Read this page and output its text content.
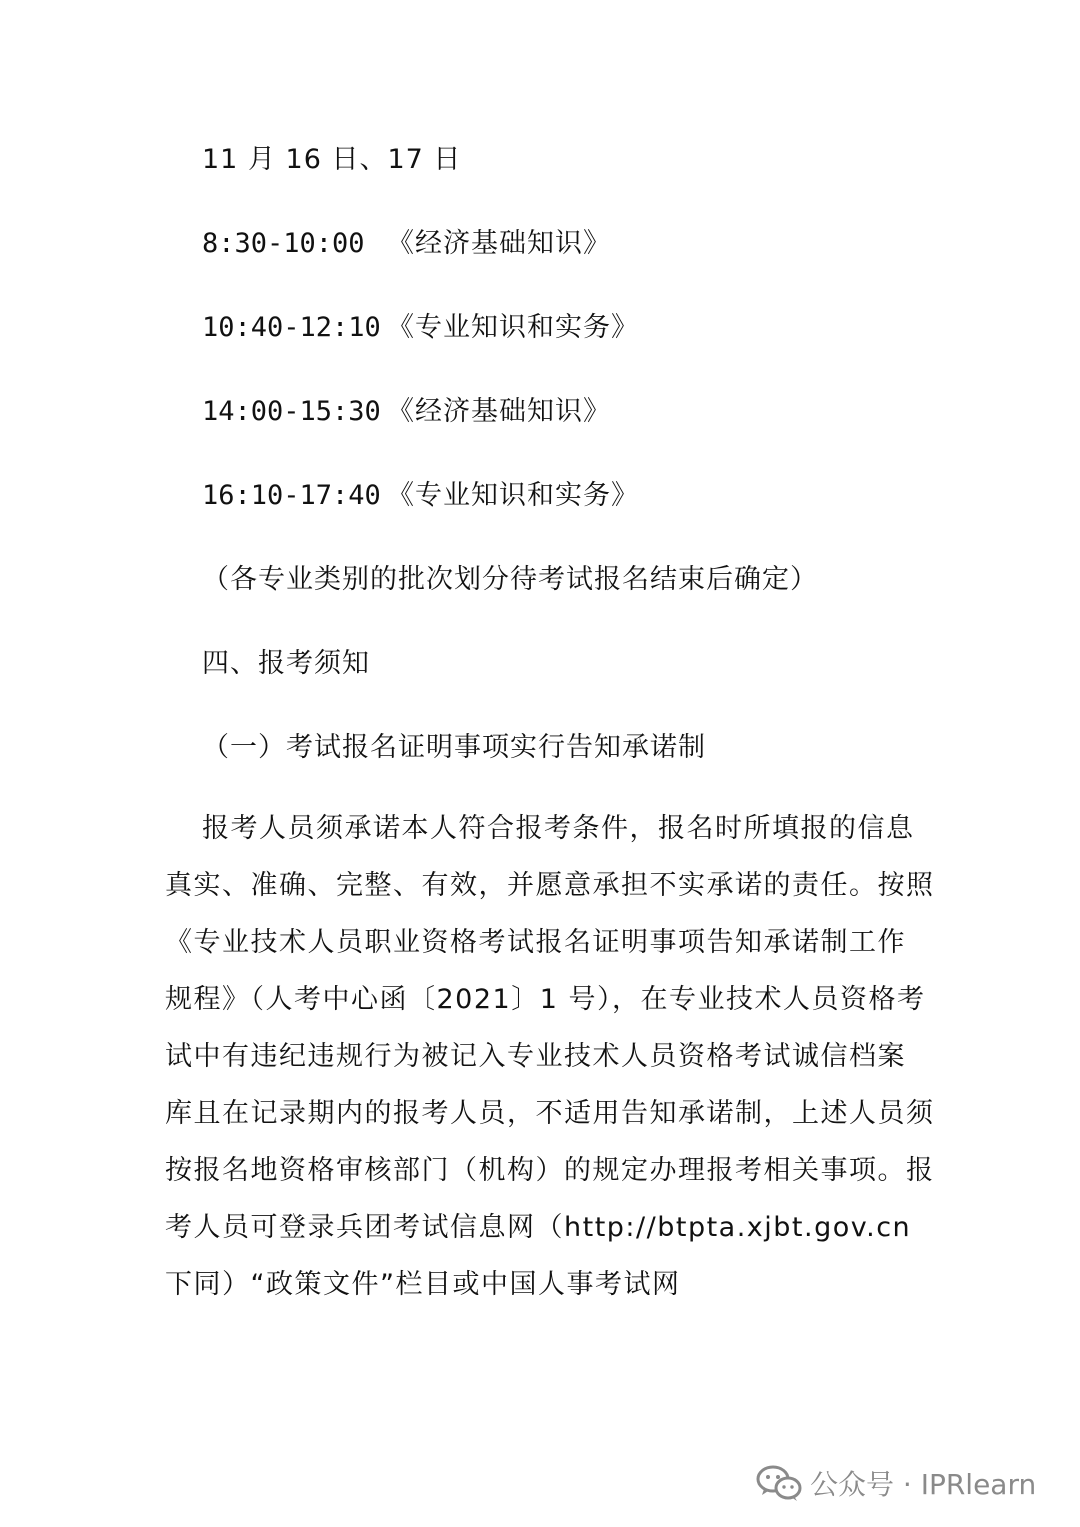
11 月 16 日、17 日
8:30-10:00 《经济基础知识》
10:40-12:10 《专业知识和实务》
14:00-15:30 《经济基础知识》
16:10-17:40 《专业知识和实务》
（各专业类别的批次划分待考试报名结束后确定）
四、报考须知
（一）考试报名证明事项实行告知承诺制
报考人员须承诺本人符合报考条件，报名时所填报的信息
真实、准确、完整、有效，并愿意承担不实承诺的责任。按照
《专业技术人员职业资格考试报名证明事项告知承诺制工作
规程》（人考中心函〔2021〕1 号），在专业技术人员资格考
试中有违纪违规行为被记入专业技术人员资格考试诚信档案
库且在记录期内的报考人员，不适用告知承诺制，上述人员须
按报名地资格审核部门（机构）的规定办理报考相关事项。报
考人员可登录兵团考试信息网（http://btpta.xjbt.gov.cn
下同）“政策文件”栏目或中国人事考试网
公众号 · IPRlearn
